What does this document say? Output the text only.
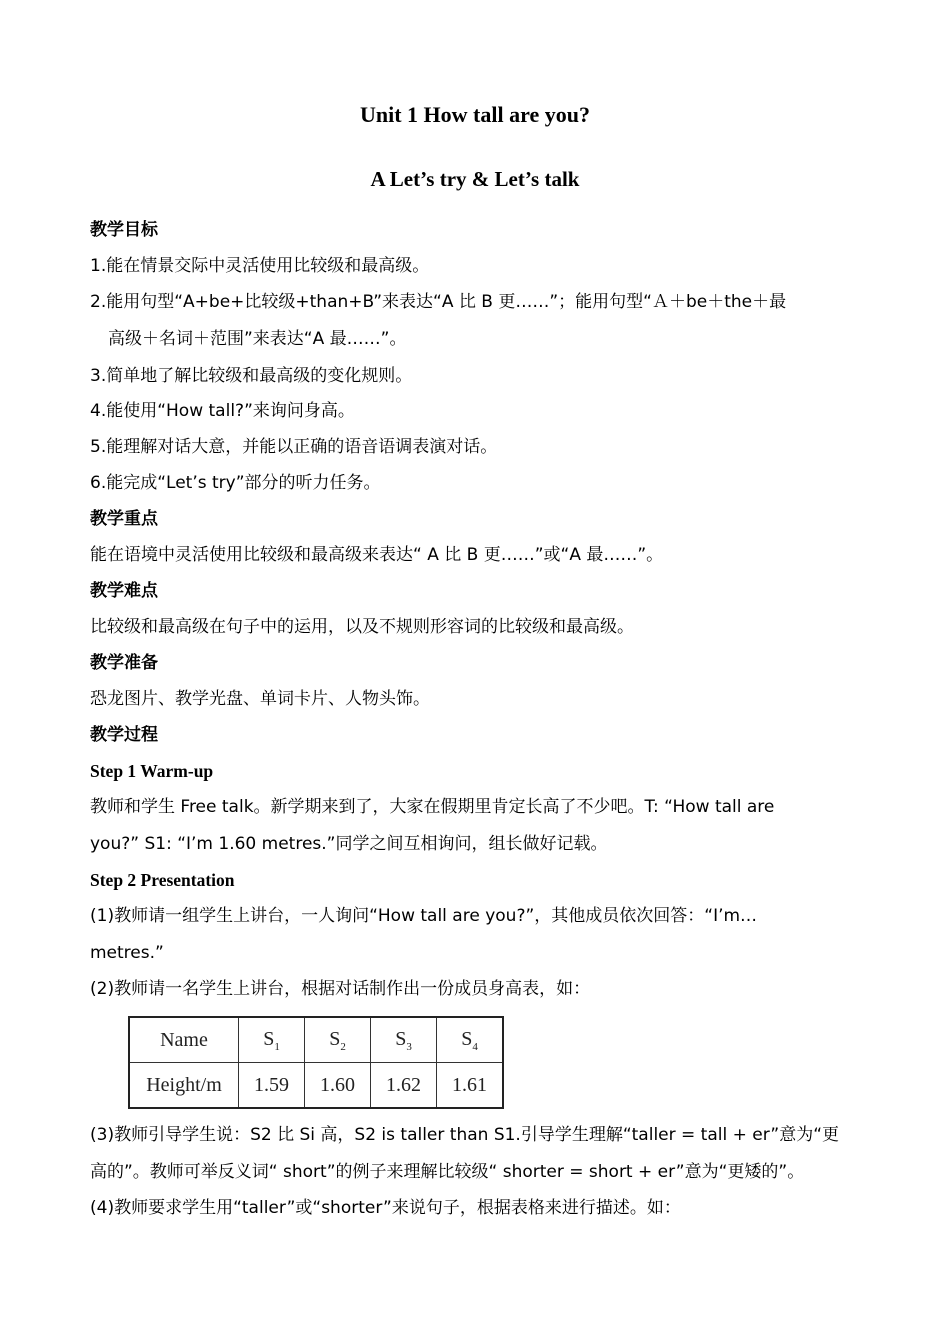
Unit 1 How tall are you?
A Let’s try & Let’s talk
教学目标
1.能在情景交际中灵活使用比较级和最高级。
2.能用句型“A+be+比较级+than+B”来表达“A 比 B 更……”；能用句型“Ａ＋be＋the＋最
高级＋名词＋范围”来表达“A 最……”。
3.简单地了解比较级和最高级的变化规则。
4.能使用“How tall?”来询问身高。
5.能理解对话大意，并能以正确的语音语调表演对话。
6.能完成“Let’s try”部分的听力任务。
教学重点
能在语境中灵活使用比较级和最高级来表达“ A 比 B 更……”或“A 最……”。
教学难点
比较级和最高级在句子中的运用，以及不规则形容词的比较级和最高级。
教学准备
恐龙图片、教学光盘、单词卡片、人物头饰。
教学过程
Step 1 Warm-up
教师和学生 Free talk。新学期来到了，大家在假期里肯定长高了不少吧。T: “How tall are
you?” S1: “I’m 1.60 metres.”同学之间互相询问，组长做好记载。
Step 2 Presentation
(1)教师请一组学生上讲台，一人询问“How tall are you?”，其他成员依次回答：“I’m…
metres.”
(2)教师请一名学生上讲台，根据对话制作出一份成员身高表，如：
Name	$S_1$	$S_2$	$S_3$	$S_4$
Height/m	1.59	1.60	1.62	1.61
(3)教师引导学生说：S2 比 Si 高，S2 is taller than S1.引导学生理解“taller = tall + er”意为“更
高的”。教师可举反义词“ short”的例子来理解比较级“ shorter = short + er”意为“更矮的”。
(4)教师要求学生用“taller”或“shorter”来说句子，根据表格来进行描述。如：
